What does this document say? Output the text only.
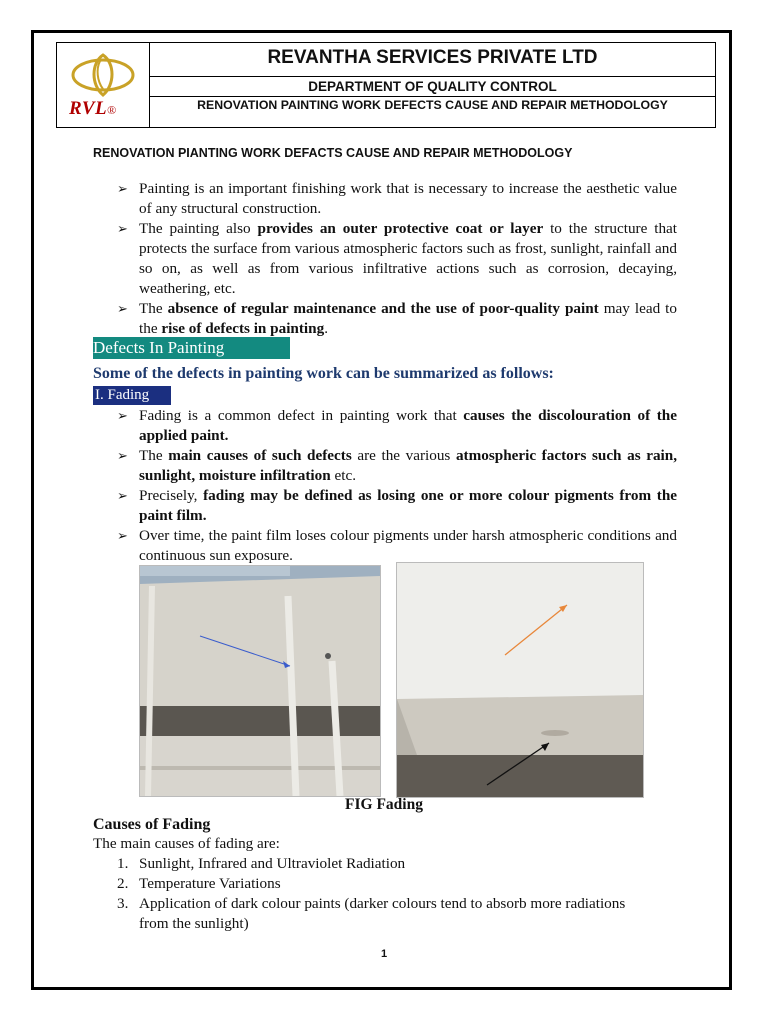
RVL®
REVANTHA SERVICES PRIVATE LTD
DEPARTMENT OF QUALITY CONTROL
RENOVATION PAINTING WORK DEFECTS CAUSE AND REPAIR METHODOLOGY
RENOVATION PIANTING WORK DEFACTS CAUSE AND REPAIR METHODOLOGY
➢ Painting is an important finishing work that is necessary to increase the aesthetic value of any structural construction.
➢ The painting also provides an outer protective coat or layer to the structure that protects the surface from various atmospheric factors such as frost, sunlight, rainfall and so on, as well as from various infiltrative actions such as corrosion, decaying, weathering, etc.
➢ The absence of regular maintenance and the use of poor-quality paint may lead to the rise of defects in painting.
Defects In Painting
Some of the defects in painting work can be summarized as follows:
I. Fading
➢ Fading is a common defect in painting work that causes the discolouration of the applied paint.
➢ The main causes of such defects are the various atmospheric factors such as rain, sunlight, moisture infiltration etc.
➢ Precisely, fading may be defined as losing one or more colour pigments from the paint film.
➢ Over time, the paint film loses colour pigments under harsh atmospheric conditions and continuous sun exposure.
FIG Fading
Causes of Fading
The main causes of fading are:
1. Sunlight, Infrared and Ultraviolet Radiation
2. Temperature Variations
3. Application of dark colour paints (darker colours tend to absorb more radiations from the sunlight)
1
